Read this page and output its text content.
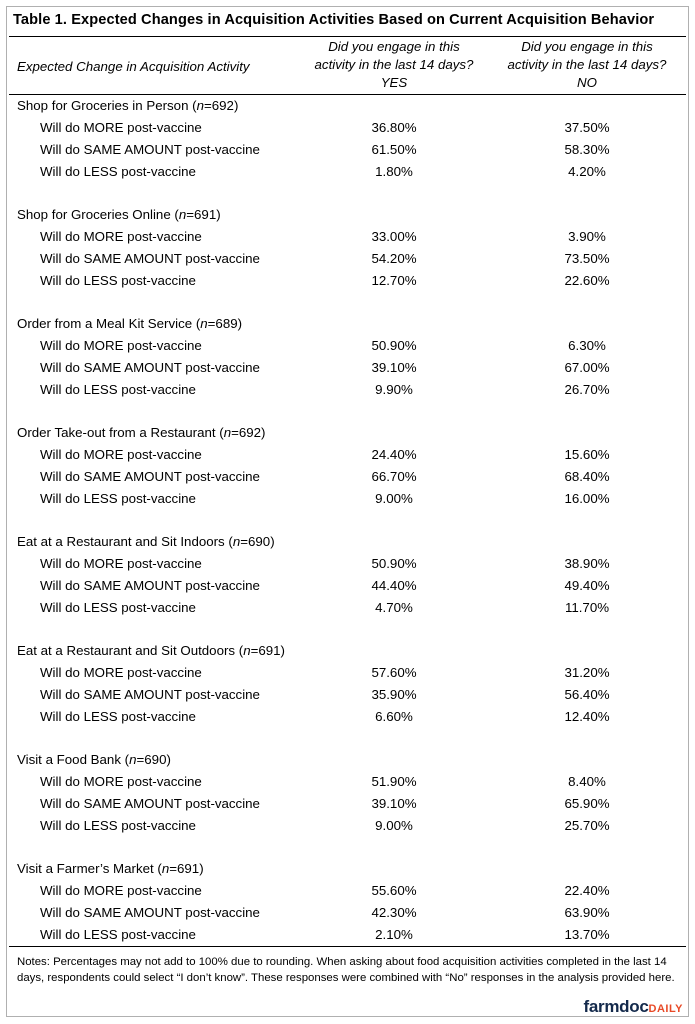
Table 1. Expected Changes in Acquisition Activities Based on Current Acquisition Behavior
Expected Change in Acquisition Activity
Did you engage in this
activity in the last 14 days?
YES
Did you engage in this
activity in the last 14 days?
NO
Shop for Groceries in Person (n=692)
Will do MORE post-vaccine	36.80%	37.50%
Will do SAME AMOUNT post-vaccine	61.50%	58.30%
Will do LESS post-vaccine	1.80%	4.20%
Shop for Groceries Online (n=691)
Will do MORE post-vaccine	33.00%	3.90%
Will do SAME AMOUNT post-vaccine	54.20%	73.50%
Will do LESS post-vaccine	12.70%	22.60%
Order from a Meal Kit Service (n=689)
Will do MORE post-vaccine	50.90%	6.30%
Will do SAME AMOUNT post-vaccine	39.10%	67.00%
Will do LESS post-vaccine	9.90%	26.70%
Order Take-out from a Restaurant (n=692)
Will do MORE post-vaccine	24.40%	15.60%
Will do SAME AMOUNT post-vaccine	66.70%	68.40%
Will do LESS post-vaccine	9.00%	16.00%
Eat at a Restaurant and Sit Indoors (n=690)
Will do MORE post-vaccine	50.90%	38.90%
Will do SAME AMOUNT post-vaccine	44.40%	49.40%
Will do LESS post-vaccine	4.70%	11.70%
Eat at a Restaurant and Sit Outdoors (n=691)
Will do MORE post-vaccine	57.60%	31.20%
Will do SAME AMOUNT post-vaccine	35.90%	56.40%
Will do LESS post-vaccine	6.60%	12.40%
Visit a Food Bank (n=690)
Will do MORE post-vaccine	51.90%	8.40%
Will do SAME AMOUNT post-vaccine	39.10%	65.90%
Will do LESS post-vaccine	9.00%	25.70%
Visit a Farmer’s Market (n=691)
Will do MORE post-vaccine	55.60%	22.40%
Will do SAME AMOUNT post-vaccine	42.30%	63.90%
Will do LESS post-vaccine	2.10%	13.70%
Notes: Percentages may not add to 100% due to rounding. When asking about food acquisition activities completed in the last 14 days, respondents could select “I don’t know”. These responses were combined with “No” responses in the analysis provided here.
farmdocDAILY
